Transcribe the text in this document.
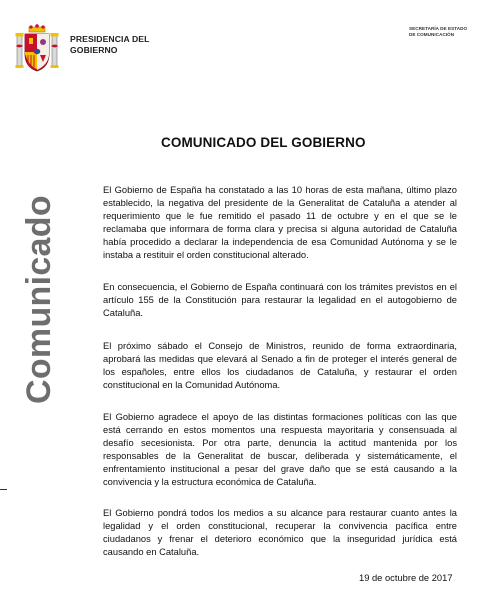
PRESIDENCIA DEL
GOBIERNO
SECRETARÍA DE ESTADO
DE COMUNICACIÓN
Comunicado
COMUNICADO DEL GOBIERNO

El Gobierno de España ha constatado a las 10 horas de esta mañana, último plazo establecido, la negativa del presidente de la Generalitat de Cataluña a atender al requerimiento que le fue remitido el pasado 11 de octubre y en el que se le reclamaba que informara de forma clara y precisa si alguna autoridad de Cataluña había procedido a declarar la independencia de esa Comunidad Autónoma y se le instaba a restituir el orden constitucional alterado.

En consecuencia, el Gobierno de España continuará con los trámites previstos en el artículo 155 de la Constitución para restaurar la legalidad en el autogobierno de Cataluña.

El próximo sábado el Consejo de Ministros, reunido de forma extraordinaria, aprobará las medidas que elevará al Senado a fin de proteger el interés general de los españoles, entre ellos los ciudadanos de Cataluña, y restaurar el orden constitucional en la Comunidad Autónoma.

El Gobierno agradece el apoyo de las distintas formaciones políticas con las que está cerrando en estos momentos una respuesta mayoritaria y consensuada al desafío secesionista. Por otra parte, denuncia la actitud mantenida por los responsables de la Generalitat de buscar, deliberada y sistemáticamente, el enfrentamiento institucional a pesar del grave daño que se está causando a la convivencia y la estructura económica de Cataluña.

El Gobierno pondrá todos los medios a su alcance para restaurar cuanto antes la legalidad y el orden constitucional, recuperar la convivencia pacífica entre ciudadanos y frenar el deterioro económico que la inseguridad jurídica está causando en Cataluña.

19 de octubre de 2017
